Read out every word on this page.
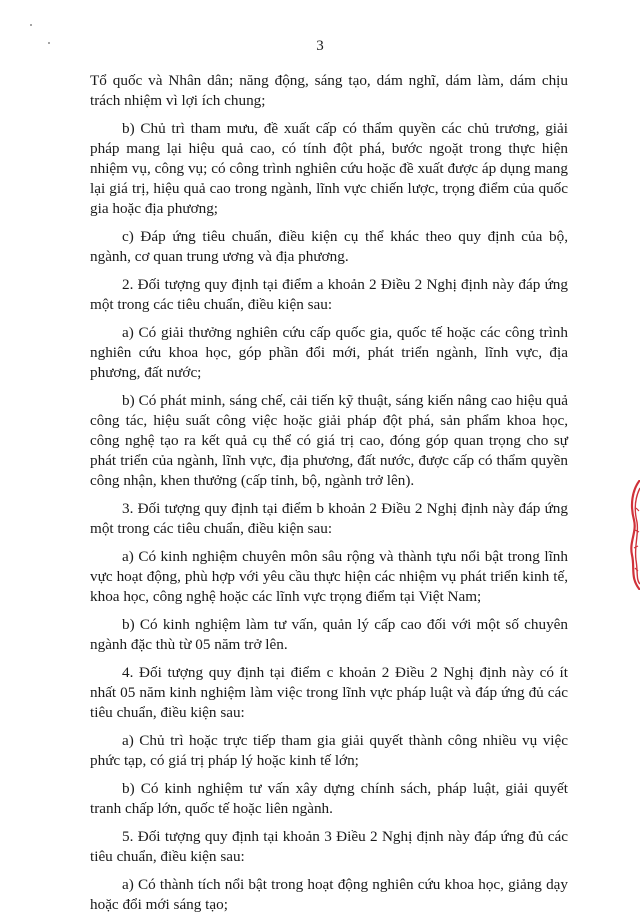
3

Tổ quốc và Nhân dân; năng động, sáng tạo, dám nghĩ, dám làm, dám chịu trách nhiệm vì lợi ích chung;

b) Chủ trì tham mưu, đề xuất cấp có thẩm quyền các chủ trương, giải pháp mang lại hiệu quả cao, có tính đột phá, bước ngoặt trong thực hiện nhiệm vụ, công vụ; có công trình nghiên cứu hoặc đề xuất được áp dụng mang lại giá trị, hiệu quả cao trong ngành, lĩnh vực chiến lược, trọng điểm của quốc gia hoặc địa phương;

c) Đáp ứng tiêu chuẩn, điều kiện cụ thể khác theo quy định của bộ, ngành, cơ quan trung ương và địa phương.

2. Đối tượng quy định tại điểm a khoản 2 Điều 2 Nghị định này đáp ứng một trong các tiêu chuẩn, điều kiện sau:

a) Có giải thưởng nghiên cứu cấp quốc gia, quốc tế hoặc các công trình nghiên cứu khoa học, góp phần đổi mới, phát triển ngành, lĩnh vực, địa phương, đất nước;

b) Có phát minh, sáng chế, cải tiến kỹ thuật, sáng kiến nâng cao hiệu quả công tác, hiệu suất công việc hoặc giải pháp đột phá, sản phẩm khoa học, công nghệ tạo ra kết quả cụ thể có giá trị cao, đóng góp quan trọng cho sự phát triển của ngành, lĩnh vực, địa phương, đất nước, được cấp có thẩm quyền công nhận, khen thưởng (cấp tỉnh, bộ, ngành trở lên).

3. Đối tượng quy định tại điểm b khoản 2 Điều 2 Nghị định này đáp ứng một trong các tiêu chuẩn, điều kiện sau:

a) Có kinh nghiệm chuyên môn sâu rộng và thành tựu nổi bật trong lĩnh vực hoạt động, phù hợp với yêu cầu thực hiện các nhiệm vụ phát triển kinh tế, khoa học, công nghệ hoặc các lĩnh vực trọng điểm tại Việt Nam;

b) Có kinh nghiệm làm tư vấn, quản lý cấp cao đối với một số chuyên ngành đặc thù từ 05 năm trở lên.

4. Đối tượng quy định tại điểm c khoản 2 Điều 2 Nghị định này có ít nhất 05 năm kinh nghiệm làm việc trong lĩnh vực pháp luật và đáp ứng đủ các tiêu chuẩn, điều kiện sau:

a) Chủ trì hoặc trực tiếp tham gia giải quyết thành công nhiều vụ việc phức tạp, có giá trị pháp lý hoặc kinh tế lớn;

b) Có kinh nghiệm tư vấn xây dựng chính sách, pháp luật, giải quyết tranh chấp lớn, quốc tế hoặc liên ngành.

5. Đối tượng quy định tại khoản 3 Điều 2 Nghị định này đáp ứng đủ các tiêu chuẩn, điều kiện sau:

a) Có thành tích nổi bật trong hoạt động nghiên cứu khoa học, giảng dạy hoặc đổi mới sáng tạo;
